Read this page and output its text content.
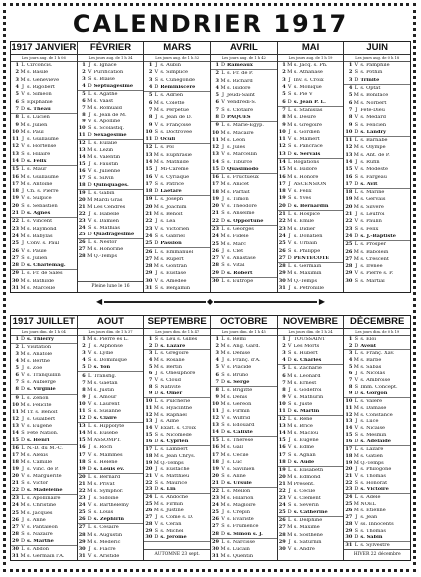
CALENDRIER 1917
1917 JANVIER
Les jours aug. de 1 h 06
1 L Circoncis.
2 M s. Basile
3 M s. Geneviève
4 J s. Rigobert
5 V s. Siméon
6 S Epiphanie
7 D s. Théau
8 L s. Lucien
9 M s. Julien
10 M s. Paul
11 J s. Guillaume
12 V s. Hortense
13 S s. Hilaire
14 D s. Félix
15 L s. Maur
16 M s. Guillaume
17 M s. Antoine
18 J Ch. s. Pierre
19 V s. Sulpice
20 S s. Sébastien
21 D s. Agnès
22 L s. Vincent
23 M s. Raymond
24 M s. Babylas
25 J Conv. s. Paul
26 V s. Paule
27 S s. Julien
28 D s. Charlemag.
29 L s. Fr. de Sales
30 M s. Bathilde
31 M s. Marcelle
FÉVRIER
Les jours aug. de 1 h 34
1 J s. Ignace
2 V Purification
3 S s. Blaise
4 D Septuagésime
5 L s. Agathe
6 M s. Vaast
7 M s. Romuald
8 J s. Jean de M.
9 V s. Apolline
10 S s. Scolastiq.
11 D Sexagésime
12 L s. Eulalie
13 M s. Lézin
14 M s. Valentin
15 J s. Faustin
16 V s. Julienne
17 S s. Silvin
18 D Quinquagés.
19 L s. Gabin
20 M Mardi Gras
21 M Les Cendres
22 J s. Isabelle
23 V s. Damien
24 S s. Mathias
25 D Quadragésime
26 L s. Nestor
27 M s. Honorine
28 M Q.-Temps
Pleine lune le 16
MARS
Les jours aug. de 1 h 52
1 J s. Aubin
2 V s. Simplice
3 S s. Cunégonde
4 D Reminiscere
5 L s. Adrien
6 M s. Colette
7 M s. Perpétue
8 J s. Jean de D.
9 V s. Françoise
10 S s. Doctrovée
11 D Oculi
12 L s. Pol
13 M s. Euphrasie
14 M s. Mathilde
15 J Mi-Carême
16 V s. Cyriaque
17 S s. Patrice
18 D Laetare
19 L s. Joseph
20 M s. Joachim
21 M s. Benoît
22 J s. Léa
23 V s. Victorien
24 S s. Gabriel
25 D Passion
26 L s. Emmanuel
27 M s. Rupert
28 M s. Gontran
29 J s. Eustase
30 V s. Amédée
31 S s. Benjamin
AVRIL
Les jours aug. de 1 h 42
1 D Rameaux
2 L s. Fr. de P.
3 M s. Richard
4 M s. Isidore
5 J Jeudi-Saint
6 V Vendredi-S.
7 S s. Clotaire
8 D PAQUES
9 L s. Marie-Egyp.
10 M s. Macaire
11 M s. Léon
12 J s. Jules
13 V s. Marcellin
14 S s. Tiburce
15 D Quasimodo
16 L s. Fructueux
17 M s. Anicet
18 M s. Parfait
19 J s. Timon
20 V s. Théodore
21 S s. Anselme
22 D s. Opportune
23 L s. Georges
24 M s. Fidèle
25 M s. Marc
26 J s. Clet
27 V s. Anastase
28 S s. Vital
29 D s. Robert
30 L s. Eutrope
MAI
Les jours aug. de 1 h 19
1 M s. Jacq. s. Ph.
2 M s. Athanase
3 J Inv. s. Croix
4 V s. Monique
5 S s. Pie V
6 D s. Jean P. L.
7 L s. Stanislas
8 M s. Désiré
9 M s. Grégoire
10 J s. Gordien
11 V s. Mamert
12 S s. Pancrace
13 D s. Servais
14 L Rogations
15 M s. Isidore
16 M s. Honoré
17 J ASCENSION
18 V s. Félix
19 S s. Yves
20 D s. Bernardin
21 L s. Hospice
22 M s. Emile
23 M s. Didier
24 J s. Donatien
25 V s. Urbain
26 S s. Philippe
27 D PENTECOTE
28 L s. Germain
29 M s. Maximin
30 M Q.-Temps
31 J s. Pétronille
JUIN
Les jours aug. de 0 h 18
1 V s. Pamphile
2 S s. Pothin
3 D Trinité
4 L s. Optat
5 M s. Boniface
6 M s. Norbert
7 J Fête-Dieu
8 V s. Médard
9 S s. Félicien
10 D s. Landry
11 L s. Barnabé
12 M s. Olympe
13 M s. Ant. de P.
14 J s. Rufin
15 V s. Modeste
16 S s. Fargeau
17 D s. Avit
18 L s. Marine
19 M s. Gervais
20 M s. Silvère
21 J s. Leufroi
22 V s. Paulin
23 S s. Félix
24 D s. J.-Baptiste
25 L s. Prosper
26 M s. Babolein
27 M s. Crescent
28 J s. Irénée
29 V s. Pierre s. P.
30 S s. Martial
◀	◆	▶
1917 JUILLET
Les jours dim. de 1 h 04
1 D s. Thierry
2 L Visitation
3 M s. Anatole
4 M s. Berthe
5 J s. Zoé
6 V s. Tranquillin
7 S s. Aubierge
8 D s. Virginie
9 L s. Zénon
10 M s. Félicité
11 M Tr. s. Benoît
12 J s. Gualbert
13 V s. Eugène
14 S Fête Nation.
15 D s. Henri
16 L N.-D. du M.-C.
17 M s. Alexis
18 M s. Camille
19 J s. Vinc. de P.
20 V s. Marguerite
21 S s. Victor
22 D s. Madeleine
23 L s. Apollinaire
24 M s. Christine
25 M s. Jacques
26 J s. Anne
27 V s. Pantaléon
28 S s. Nazaire
29 D s. Marthe
30 L s. Abdon
31 M s. Germain l'A.
AOUT
Les jours dim. de 1 h 37
1 M s. Pierre ès L.
2 J s. Alphonse
3 V s. Lydie
4 S s. Dominique
5 D s. Yon
6 L Transfig.
7 M s. Gaétan
8 M s. Justin
9 J s. Amour
10 V s. Laurent
11 S s. Susanne
12 D s. Claire
13 L s. Hippolyte
14 M s. Eusèbe
15 M ASSOMPT.
16 J s. Roch
17 V s. Mammès
18 S s. Hélène
19 D s. Louis év.
20 L s. Bernard
21 M s. Privat
22 M s. Symphor.
23 J s. Sidoine
24 V s. Barthélemy
25 S s. Louis
26 D s. Zéphirin
27 L s. Césaire
28 M s. Augustin
29 M s. Médéric
30 J s. Fiacre
31 V s. Aristide
SEPTEMBRE
Les jours dim. de 1 h 47
1 S s. Leu s. Gilles
2 D s. Lazare
3 L s. Grégoire
4 M s. Rosalie
5 M s. Bertin
6 J s. Onésiphore
7 V s. Cloud
8 S Nativité
9 D s. Omer
10 L s. Pulchérie
11 M s. Hyacinthe
12 M s. Raphaël
13 J s. Aimé
14 V Exalt. s. Croix
15 S s. Nicomède
16 D s. Cyprien
17 L s. Lambert
18 M s. Jean Chrys.
19 M Q.-Temps
20 J s. Eustache
21 V s. Matthieu
22 S s. Maurice
23 D s. Lin
24 L s. Andoche
25 M s. Firmin
26 M s. Justine
27 J s. Côme s. D.
28 V s. Céran
29 S s. Michel
30 D s. Jérôme
AUTOMNE 23 sept.
OCTOBRE
Les jours dim. de 1 h 45
1 L s. Rémi
2 M s. Ang. Gard.
3 M s. Denise
4 J s. Franç. d'A.
5 V s. Placide
6 S s. Bruno
7 D s. Serge
8 L s. Brigitte
9 M s. Denis
10 M s. Géréon
11 J s. Firmin
12 V s. Wilfrid
13 S s. Edouard
14 D s. Calixte
15 L s. Thérèse
16 M s. Gall
17 M s. Cécile
18 J s. Luc
19 V s. Savinien
20 S s. Aline
21 D s. Ursule
22 L s. Mellon
23 M s. Hilarion
24 M s. Magloire
25 J s. Crépin
26 V s. Evariste
27 S s. Frumence
28 D s. Simon s. J.
29 L s. Narcisse
30 M s. Lucain
31 M s. Quentin
NOVEMBRE
Les jours dim. de 1 h 24
1 J TOUSSAINT
2 V Les Morts
3 S s. Hubert
4 D s. Charles
5 L s. Zacharie
6 M s. Léonard
7 M s. Ernest
8 J s. Godefroi
9 V s. Mathurin
10 S s. Juste
11 D s. Martin
12 L s. René
13 M s. Brice
14 M s. Maclou
15 J s. Eugène
16 V s. Edme
17 S s. Agnan
18 D s. Aude
19 L s. Elisabeth
20 M s. Edmond
21 M Présent.
22 J s. Cécile
23 V s. Clément
24 S s. Séverin
25 D s. Catherine
26 L s. Delphine
27 M s. Maxime
28 M s. Sosthène
29 J s. Saturnin
30 V s. André
DÉCEMBRE
Les jours dim. de 0 h 19
1 S s. Eloi
2 D Avent
3 L s. Franç. Xav.
4 M s. Barbe
5 M s. Sabas
6 J s. Nicolas
7 V s. Ambroise
8 S Imm. Concept.
9 D s. Gorgon
10 L s. Valère
11 M s. Damase
12 M s. Constance
13 J s. Luce
14 V s. Nicaise
15 S s. Mesmin
16 D s. Adélaïde
17 L s. Lazare
18 M s. Gatien
19 M Q.-Temps
20 J s. Philogone
21 V s. Thomas
22 S s. Honorat
23 D s. Victoire
24 L s. Adèle
25 M NOEL
26 M s. Etienne
27 J s. Jean
28 V ss. Innocents
29 S s. Thomas
30 D s. Sabin
31 L s. Sylvestre
HIVER 22 décembre
